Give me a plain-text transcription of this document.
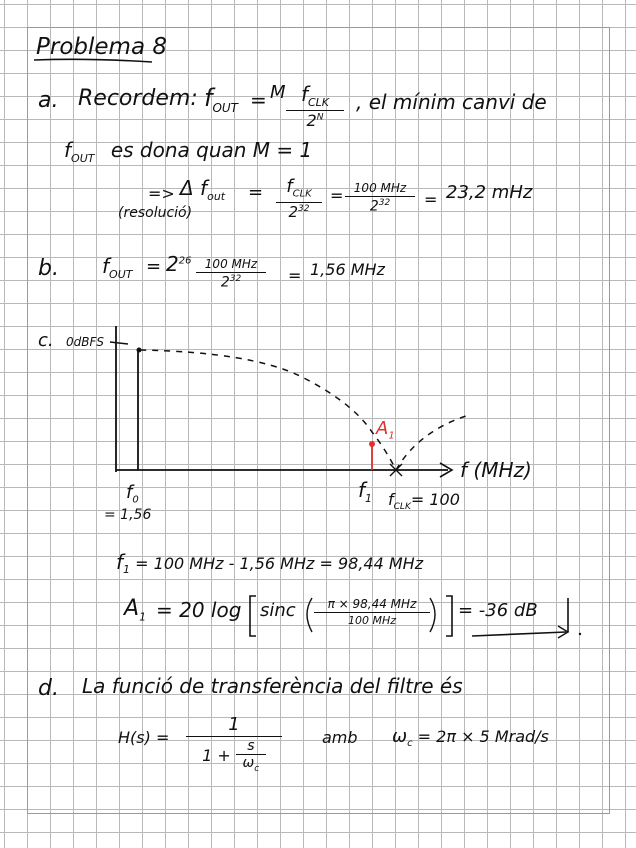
Problema 8
a. Recordem: $f_{OUT} = M$ $f_{CLK}$
$2^N$
, el mínim canvi de
$f_{OUT}$ es dona quan M = 1
=> Δ $f_{out}$ =	$f_{CLK}$
$2^{32}$
= 100 MHz
$2^{32}$	= 23,2 mHz
(resolució)
b. $f_{OUT} = 2^{26}$	100 MHz
$2^{32}$	= 1,56 MHz
c. 0dBFS
$A_1$
f (MHz)
$f_0$
= 1,56
$f_1$ $f_{CLK}= 100$
$f_1 = 100$ MHz - 1,56 MHz = 98,44 MHz
$A_1 = 20$ log sinc	π × 98,44 MHz
100 MHz	= -36 dB
d. La funció de transferència del filtre és
H(s) =
1
$1 + \frac{s}{\omega_c}$
amb $\omega_c = 2\pi \times 5$ Mrad/s
